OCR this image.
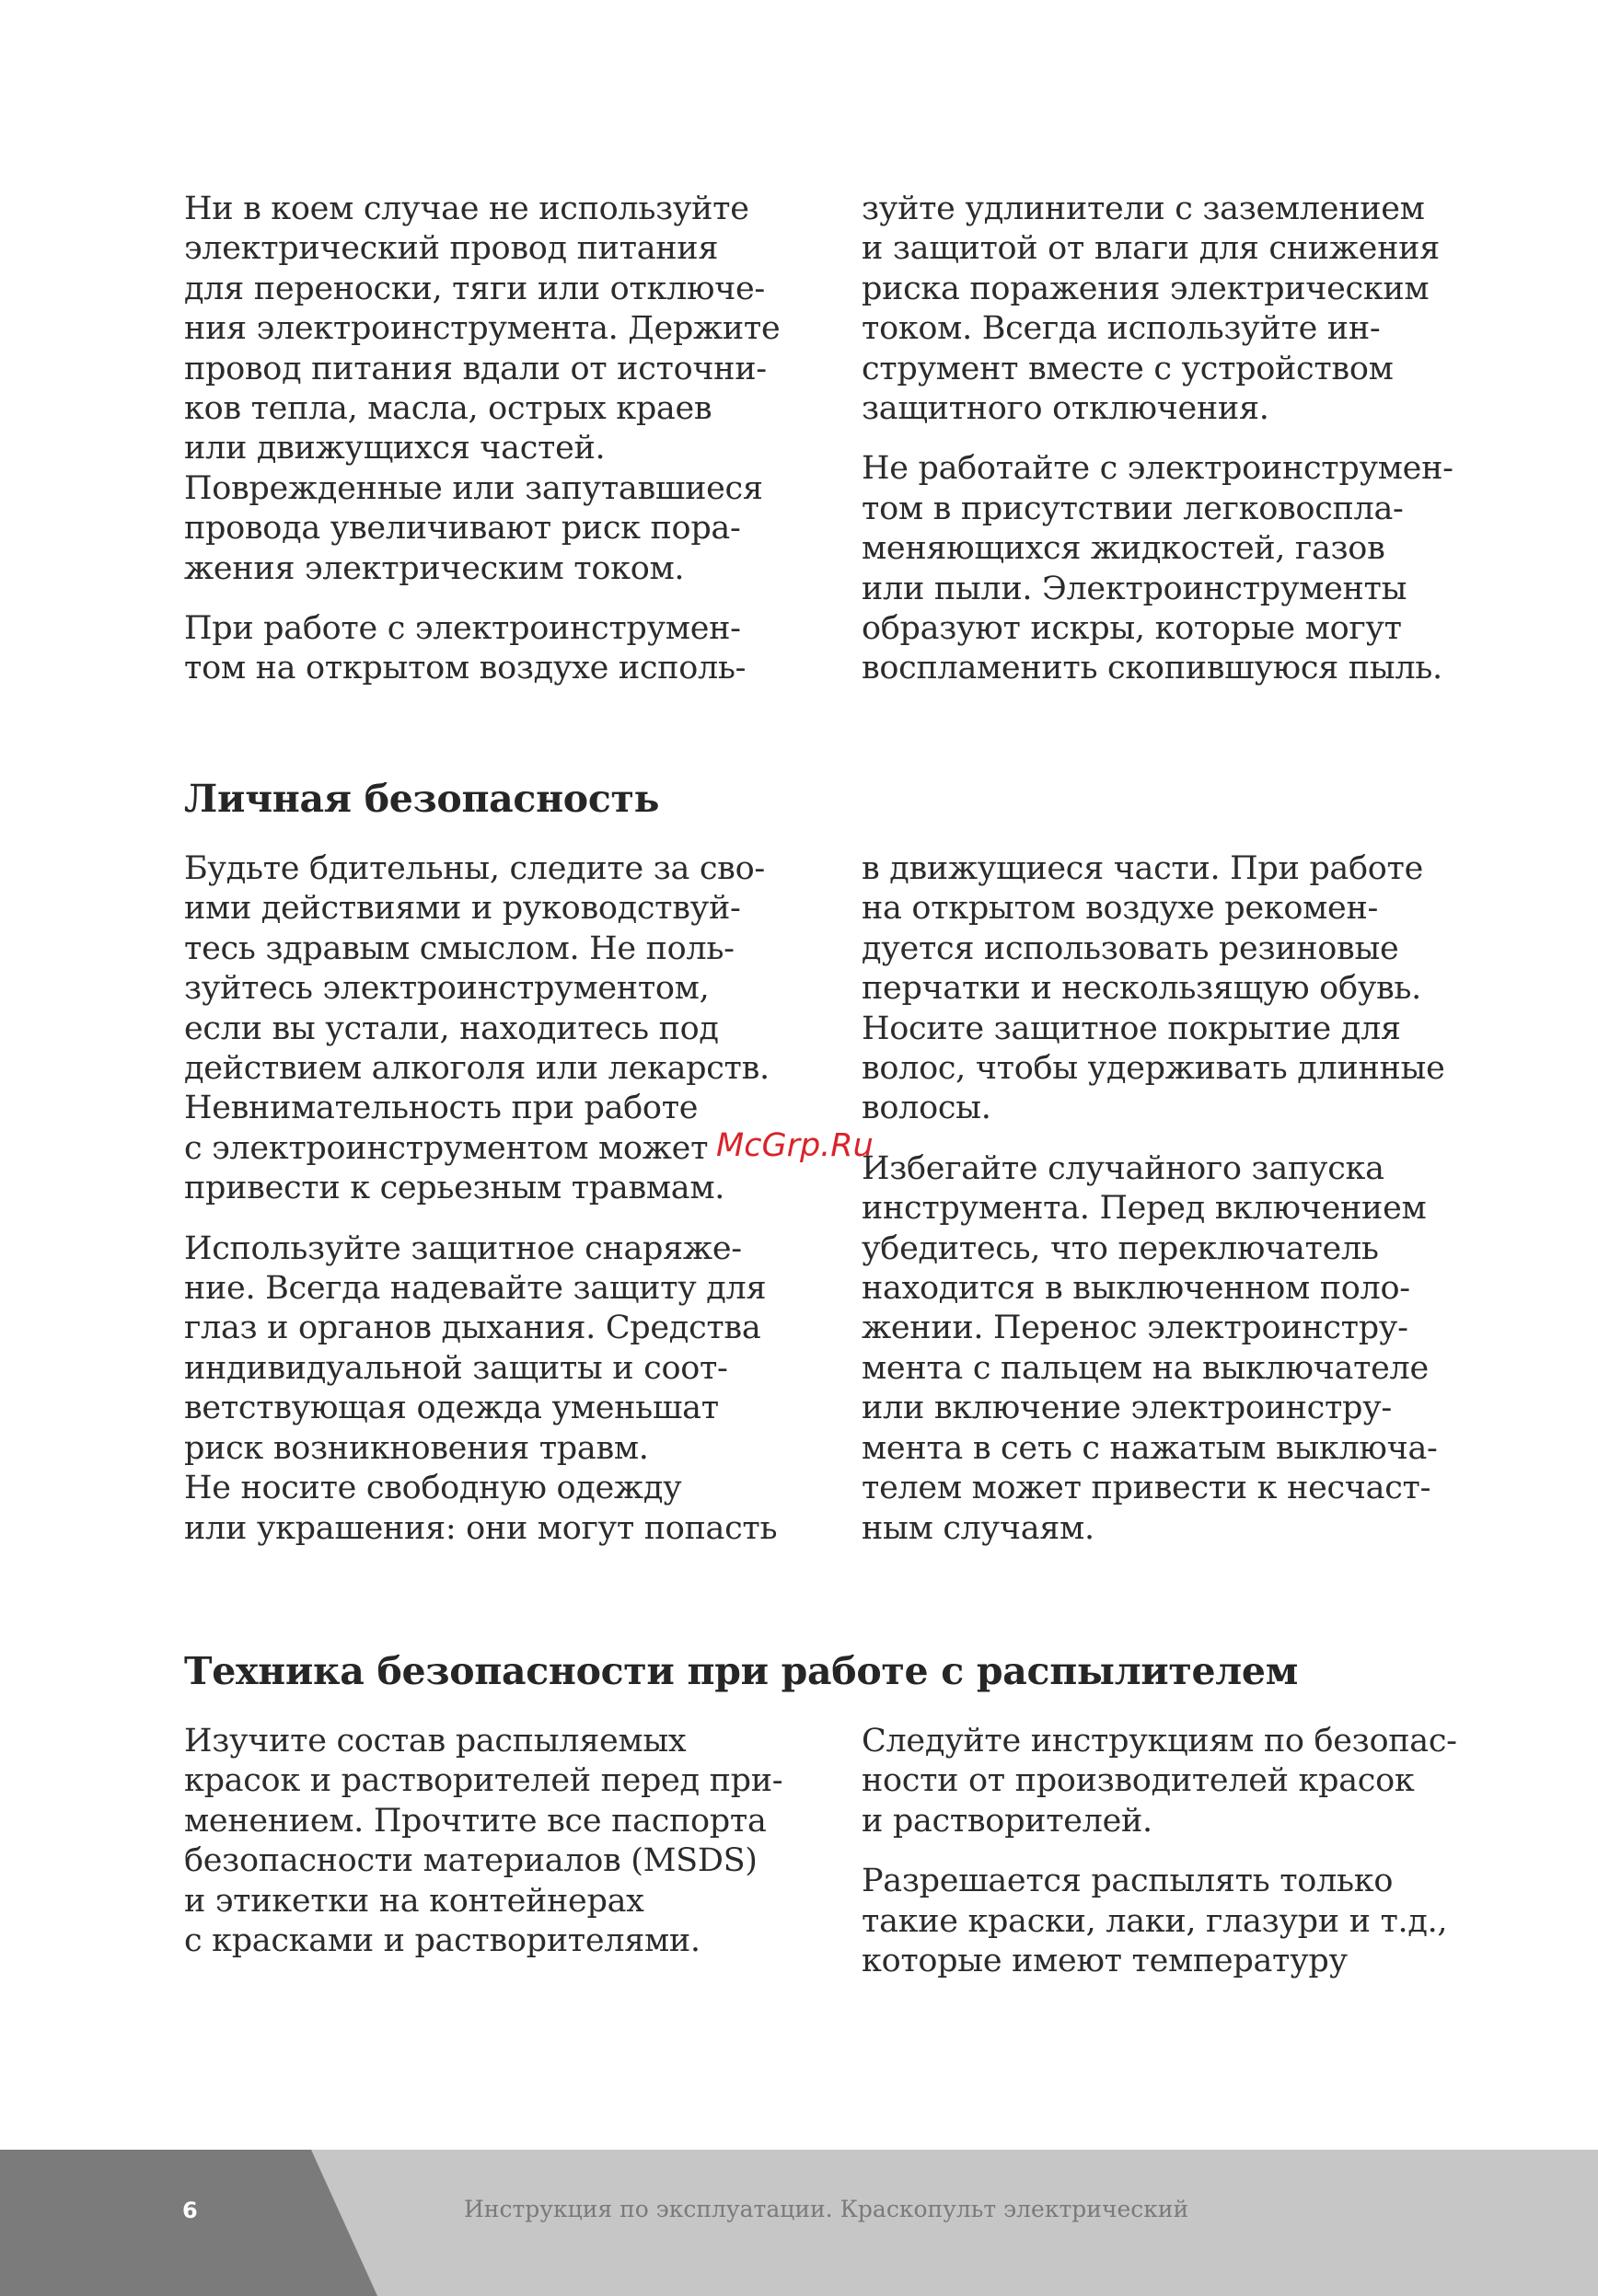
Ни в коем случае не используйте
электрический провод питания
для переноски, тяги или отключе-
ния электроинструмента. Держите
провод питания вдали от источни-
ков тепла, масла, острых краев
или движущихся частей.
Поврежденные или запутавшиеся
провода увеличивают риск пора-
жения электрическим током.

При работе с электроинструмен-
том на открытом воздухе исполь-

зуйте удлинители с заземлением
и защитой от влаги для снижения
риска поражения электрическим
током. Всегда используйте ин-
струмент вместе с устройством
защитного отключения.

Не работайте с электроинструмен-
том в присутствии легковоспла-
меняющихся жидкостей, газов
или пыли. Электроинструменты
образуют искры, которые могут
воспламенить скопившуюся пыль.

Личная безопасность

Будьте бдительны, следите за сво-
ими действиями и руководствуй-
тесь здравым смыслом. Не поль-
зуйтесь электроинструментом,
если вы устали, находитесь под
действием алкоголя или лекарств.
Невнимательность при работе
с электроинструментом может
привести к серьезным травмам.

Используйте защитное снаряже-
ние. Всегда надевайте защиту для
глаз и органов дыхания. Средства
индивидуальной защиты и соот-
ветствующая одежда уменьшат
риск возникновения травм.
Не носите свободную одежду
или украшения: они могут попасть

в движущиеся части. При работе
на открытом воздухе рекомен-
дуется использовать резиновые
перчатки и нескользящую обувь.
Носите защитное покрытие для
волос, чтобы удерживать длинные
волосы.

Избегайте случайного запуска
инструмента. Перед включением
убедитесь, что переключатель
находится в выключенном поло-
жении. Перенос электроинстру-
мента с пальцем на выключателе
или включение электроинстру-
мента в сеть с нажатым выключа-
телем может привести к несчаст-
ным случаям.

Техника безопасности при работе с распылителем

Изучите состав распыляемых
красок и растворителей перед при-
менением. Прочтите все паспорта
безопасности материалов (MSDS)
и этикетки на контейнерах
с красками и растворителями.

Следуйте инструкциям по безопас-
ности от производителей красок
и растворителей.

Разрешается распылять только
такие краски, лаки, глазури и т.д.,
которые имеют температуру

McGrp.Ru
6	Инструкция по эксплуатации. Краскопульт электрический
